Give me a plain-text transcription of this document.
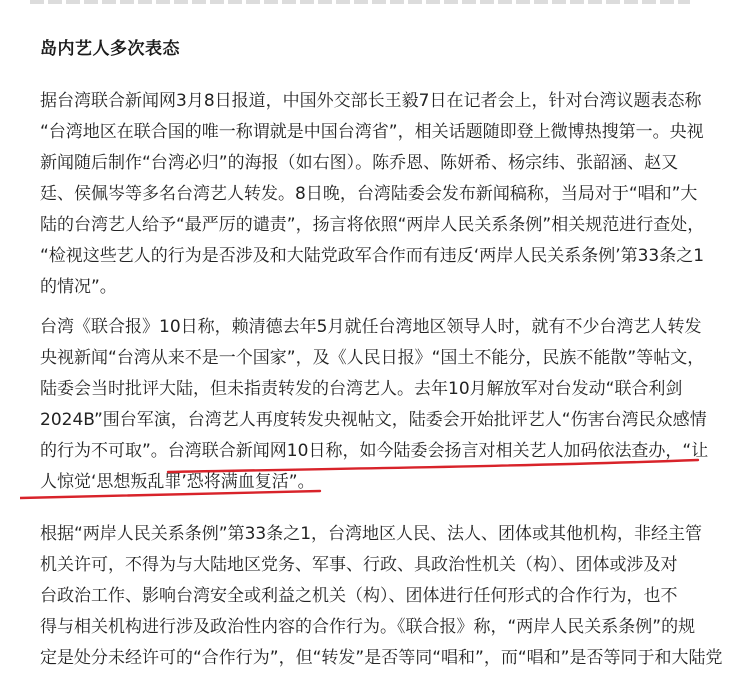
岛内艺人多次表态
据台湾联合新闻网3月8日报道，中国外交部长王毅7日在记者会上，针对台湾议题表态称
“台湾地区在联合国的唯一称谓就是中国台湾省”，相关话题随即登上微博热搜第一。央视
新闻随后制作“台湾必归”的海报（如右图）。陈乔恩、陈妍希、杨宗纬、张韶涵、赵又
廷、侯佩岑等多名台湾艺人转发。8日晚，台湾陆委会发布新闻稿称，当局对于“唱和”大
陆的台湾艺人给予“最严厉的谴责”，扬言将依照“两岸人民关系条例”相关规范进行查处，
“检视这些艺人的行为是否涉及和大陆党政军合作而有违反‘两岸人民关系条例’第33条之1
的情况”。
台湾《联合报》10日称，赖清德去年5月就任台湾地区领导人时，就有不少台湾艺人转发
央视新闻“台湾从来不是一个国家”，及《人民日报》“国土不能分，民族不能散”等帖文，
陆委会当时批评大陆，但未指责转发的台湾艺人。去年10月解放军对台发动“联合利剑
2024B”围台军演，台湾艺人再度转发央视帖文，陆委会开始批评艺人“伤害台湾民众感情
的行为不可取”。台湾联合新闻网10日称，如今陆委会扬言对相关艺人加码依法查办，“让
人惊觉‘思想叛乱罪’恐将满血复活”。
根据“两岸人民关系条例”第33条之1，台湾地区人民、法人、团体或其他机构，非经主管
机关许可，不得为与大陆地区党务、军事、行政、具政治性机关（构）、团体或涉及对
台政治工作、影响台湾安全或利益之机关（构）、团体进行任何形式的合作行为，也不
得与相关机构进行涉及政治性内容的合作行为。《联合报》称，“两岸人民关系条例”的规
定是处分未经许可的“合作行为”，但“转发”是否等同“唱和”，而“唱和”是否等同于和大陆党
